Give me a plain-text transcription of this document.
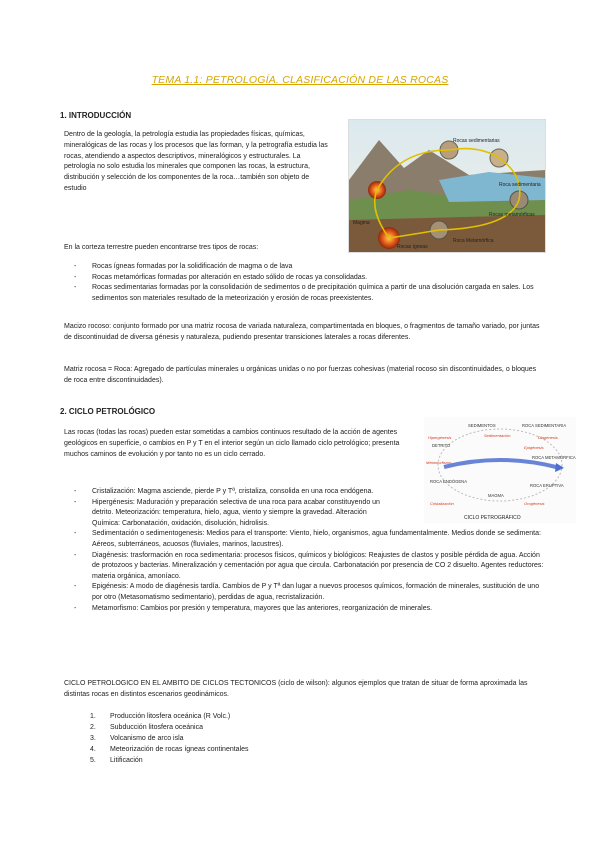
TEMA 1.1: PETROLOGÍA. CLASIFICACIÓN DE LAS ROCAS
1. INTRODUCCIÓN
Dentro de la geología, la petrología estudia las propiedades físicas, químicas, mineralógicas de las rocas y los procesos que las forman, y la petrografía estudia las rocas, atendiendo a aspectos descriptivos, mineralógicos y estructurales. La petrología no solo estudia los minerales que componen las rocas, la estructura, distribución y selección de los componentes de la roca…también son objeto de estudio
Rocas sedimentarias
Rocas metamórficas
Rocas ígneas
Roca sedimentaria
Roca Metamórfica
Magma
En la corteza terrestre pueden encontrarse tres tipos de rocas:
- Rocas ígneas formadas por la solidificación de magma o de lava
- Rocas metamórficas formadas por alteración en estado sólido de rocas ya consolidadas.
- Rocas sedimentarias formadas por la consolidación de sedimentos o de precipitación química a partir de una disolución cargada en sales. Los sedimentos son materiales resultado de la meteorización y erosión de rocas preexistentes.
Macizo rocoso: conjunto formado por una matriz rocosa de variada naturaleza, compartimentada en bloques, o fragmentos de tamaño variado, por juntas de discontinuidad de diversa génesis y naturaleza, pudiendo presentar transiciones laterales a rocas diferentes.
Matriz rocosa = Roca: Agregado de partículas minerales u orgánicas unidas o no por fuerzas cohesivas (material rocoso sin discontinuidades, o bloques de roca entre discontinuidades).
2. CICLO PETROLÓGICO
Las rocas (todas las rocas) pueden estar sometidas a cambios continuos resultado de la acción de agentes geológicos en superficie, o cambios en P y T en el interior según un ciclo llamado ciclo petrológico; presenta muchos caminos de evolución y por tanto no es un ciclo cerrado.
SEDIMENTOS	ROCA SEDIMENTARIA
DETRITO
ROCA METAMÓRFICA
ROCA ENDÓGENA
MAGMA
ROCA ERUPTIVA
Sedimentación	Diagénesis
Epigénesis
Hipergénesis
Metamorfismo
Cristalización	Orogénesis
CICLO PETROGRÁFICO
- Cristalización: Magma asciende, pierde P y Tª, cristaliza, consolida en una roca endógena.
- Hipergénesis: Maduración y preparación selectiva de una roca para acabar constituyendo un detrito. Meteorización: temperatura, hielo, agua, viento y siempre la gravedad. Alteración Química: Carbonatación, oxidación, disolución, hidrolisis.
- Sedimentación o sedimentogenesis: Medios para el transporte: Viento, hielo, organismos, agua fundamentalmente. Medios donde se sedimenta: Aéreos, subterráneos, acuosos (fluviales, marinos, lacustres).
- Diagénesis: trasformación en roca sedimentaria: procesos físicos, químicos y biológicos: Reajustes de clastos y posible pérdida de agua. Acción de protozoos y bacterias. Mineralización y cementación por agua que circula. Carbonatación por presencia de CO 2 disuelto. Agentes reductores: materia orgánica, amoníaco.
- Epigénesis: A modo de diagénesis tardía. Cambios de P y Tª dan lugar a nuevos procesos químicos, formación de minerales, sustitución de uno por otro (Metasomatismo sedimentario), perdidas de agua, recristalización.
- Metamorfismo: Cambios por presión y temperatura, mayores que las anteriores, reorganización de minerales.
CICLO PETROLOGICO EN EL AMBITO DE CICLOS TECTONICOS (ciclo de wilson): algunos ejemplos que tratan de situar de forma aproximada las distintas rocas en distintos escenarios geodinámicos.
1. Producción litosfera oceánica (R Volc.)
2. Subducción litosfera oceánica
3. Volcanismo de arco isla
4. Meteorización de rocas ígneas continentales
5. Litificación
